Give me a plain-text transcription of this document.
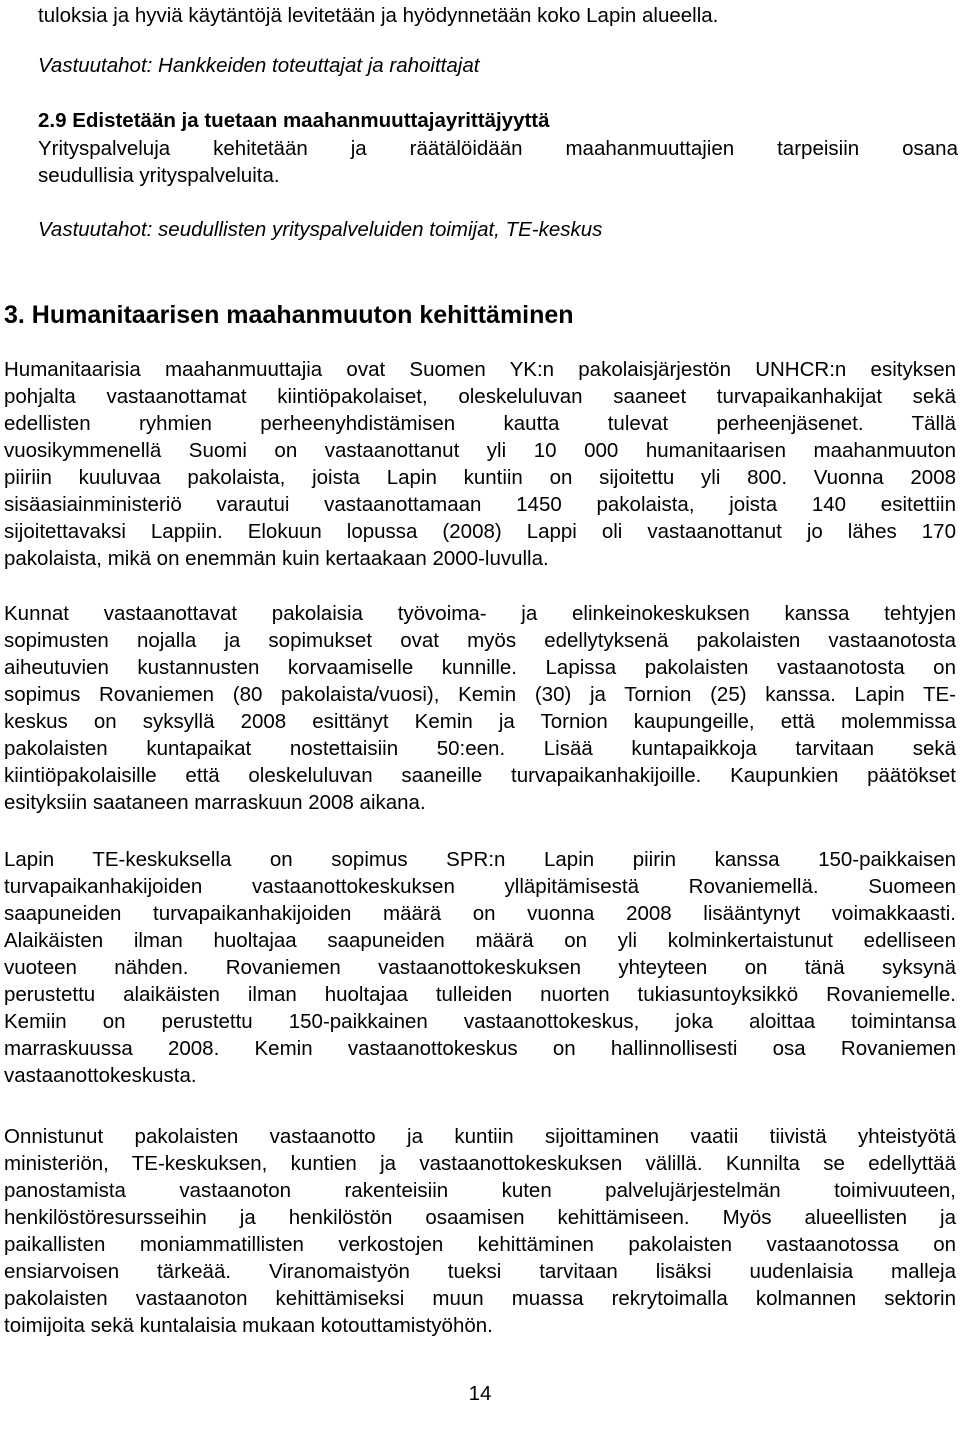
tuloksia ja hyviä käytäntöjä levitetään ja hyödynnetään koko Lapin alueella.
Vastuutahot: Hankkeiden toteuttajat ja rahoittajat
2.9 Edistetään ja tuetaan maahanmuuttajayrittäjyyttä
Yrityspalveluja kehitetään ja räätälöidään maahanmuuttajien tarpeisiin osana
seudullisia yrityspalveluita.
Vastuutahot: seudullisten yrityspalveluiden toimijat, TE-keskus
3. Humanitaarisen maahanmuuton kehittäminen
Humanitaarisia maahanmuuttajia ovat Suomen YK:n pakolaisjärjestön UNHCR:n esityksen
pohjalta vastaanottamat kiintiöpakolaiset, oleskeluluvan saaneet turvapaikanhakijat sekä
edellisten ryhmien perheenyhdistämisen kautta tulevat perheenjäsenet. Tällä
vuosikymmenellä Suomi on vastaanottanut yli 10 000 humanitaarisen maahanmuuton
piiriin kuuluvaa pakolaista, joista Lapin kuntiin on sijoitettu yli 800. Vuonna 2008
sisäasiainministeriö varautui vastaanottamaan 1450 pakolaista, joista 140 esitettiin
sijoitettavaksi Lappiin. Elokuun lopussa (2008) Lappi oli vastaanottanut jo lähes 170
pakolaista, mikä on enemmän kuin kertaakaan 2000-luvulla.
Kunnat vastaanottavat pakolaisia työvoima- ja elinkeinokeskuksen kanssa tehtyjen
sopimusten nojalla ja sopimukset ovat myös edellytyksenä pakolaisten vastaanotosta
aiheutuvien kustannusten korvaamiselle kunnille. Lapissa pakolaisten vastaanotosta on
sopimus Rovaniemen (80 pakolaista/vuosi), Kemin (30) ja Tornion (25) kanssa. Lapin TE-
keskus on syksyllä 2008 esittänyt Kemin ja Tornion kaupungeille, että molemmissa
pakolaisten kuntapaikat nostettaisiin 50:een. Lisää kuntapaikkoja tarvitaan sekä
kiintiöpakolaisille että oleskeluluvan saaneille turvapaikanhakijoille. Kaupunkien päätökset
esityksiin saataneen marraskuun 2008 aikana.
Lapin TE-keskuksella on sopimus SPR:n Lapin piirin kanssa 150-paikkaisen
turvapaikanhakijoiden vastaanottokeskuksen ylläpitämisestä Rovaniemellä. Suomeen
saapuneiden turvapaikanhakijoiden määrä on vuonna 2008 lisääntynyt voimakkaasti.
Alaikäisten ilman huoltajaa saapuneiden määrä on yli kolminkertaistunut edelliseen
vuoteen nähden. Rovaniemen vastaanottokeskuksen yhteyteen on tänä syksynä
perustettu alaikäisten ilman huoltajaa tulleiden nuorten tukiasuntoyksikkö Rovaniemelle.
Kemiin on perustettu 150-paikkainen vastaanottokeskus, joka aloittaa toimintansa
marraskuussa 2008. Kemin vastaanottokeskus on hallinnollisesti osa Rovaniemen
vastaanottokeskusta.
Onnistunut pakolaisten vastaanotto ja kuntiin sijoittaminen vaatii tiivistä yhteistyötä
ministeriön, TE-keskuksen, kuntien ja vastaanottokeskuksen välillä. Kunnilta se edellyttää
panostamista vastaanoton rakenteisiin kuten palvelujärjestelmän toimivuuteen,
henkilöstöresursseihin ja henkilöstön osaamisen kehittämiseen. Myös alueellisten ja
paikallisten moniammatillisten verkostojen kehittäminen pakolaisten vastaanotossa on
ensiarvoisen tärkeää. Viranomaistyön tueksi tarvitaan lisäksi uudenlaisia malleja
pakolaisten vastaanoton kehittämiseksi muun muassa rekrytoimalla kolmannen sektorin
toimijoita sekä kuntalaisia mukaan kotouttamistyöhön.
14
